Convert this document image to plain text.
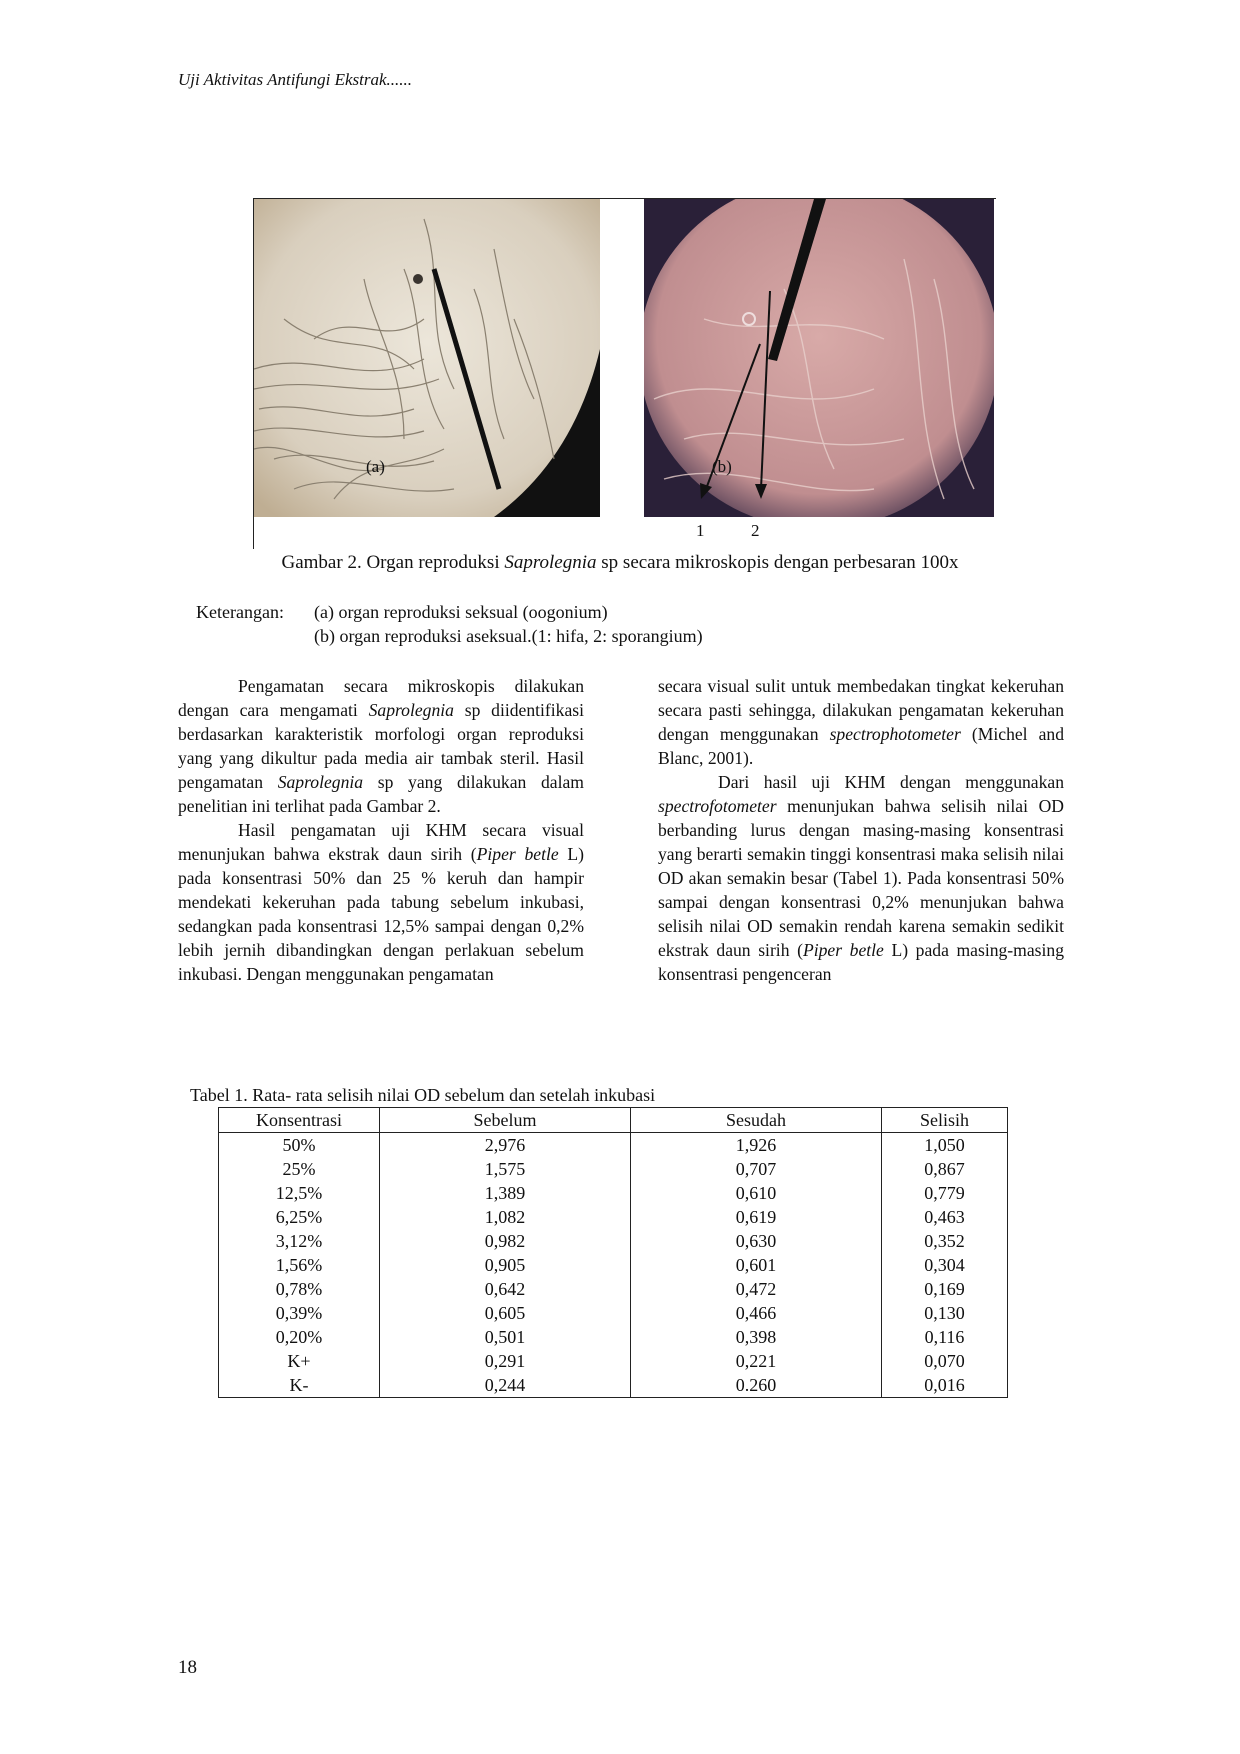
Uji Aktivitas Antifungi Ekstrak......
(a)	(b)
1	2
Gambar 2. Organ reproduksi Saprolegnia sp secara mikroskopis dengan perbesaran 100x
Keterangan: (a) organ reproduksi seksual (oogonium)
(b) organ reproduksi aseksual.(1: hifa, 2: sporangium)

Pengamatan secara mikroskopis dilakukan dengan cara mengamati Saprolegnia sp diidentifikasi berdasarkan karakteristik morfologi organ reproduksi yang yang dikultur pada media air tambak steril. Hasil pengamatan Saprolegnia sp yang dilakukan dalam penelitian ini terlihat pada Gambar 2.

Hasil pengamatan uji KHM secara visual menunjukan bahwa ekstrak daun sirih (Piper betle L) pada konsentrasi 50% dan 25 % keruh dan hampir mendekati kekeruhan pada tabung sebelum inkubasi, sedangkan pada konsentrasi 12,5% sampai dengan 0,2% lebih jernih dibandingkan dengan perlakuan sebelum inkubasi. Dengan menggunakan pengamatan

secara visual sulit untuk membedakan tingkat kekeruhan secara pasti sehingga, dilakukan pengamatan kekeruhan dengan menggunakan spectrophotometer (Michel and Blanc, 2001).

Dari hasil uji KHM dengan menggunakan spectrofotometer menunjukan bahwa selisih nilai OD berbanding lurus dengan masing-masing konsentrasi yang berarti semakin tinggi konsentrasi maka selisih nilai OD akan semakin besar (Tabel 1). Pada konsentrasi 50% sampai dengan konsentrasi 0,2% menunjukan bahwa selisih nilai OD semakin rendah karena semakin sedikit ekstrak daun sirih (Piper betle L) pada masing-masing konsentrasi pengenceran

Tabel 1. Rata- rata selisih nilai OD sebelum dan setelah inkubasi
Konsentrasi	Sebelum	Sesudah	Selisih
50%	2,976	1,926	1,050
25%	1,575	0,707	0,867
12,5%	1,389	0,610	0,779
6,25%	1,082	0,619	0,463
3,12%	0,982	0,630	0,352
1,56%	0,905	0,601	0,304
0,78%	0,642	0,472	0,169
0,39%	0,605	0,466	0,130
0,20%	0,501	0,398	0,116
K+	0,291	0,221	0,070
K-	0,244	0.260	0,016
18
